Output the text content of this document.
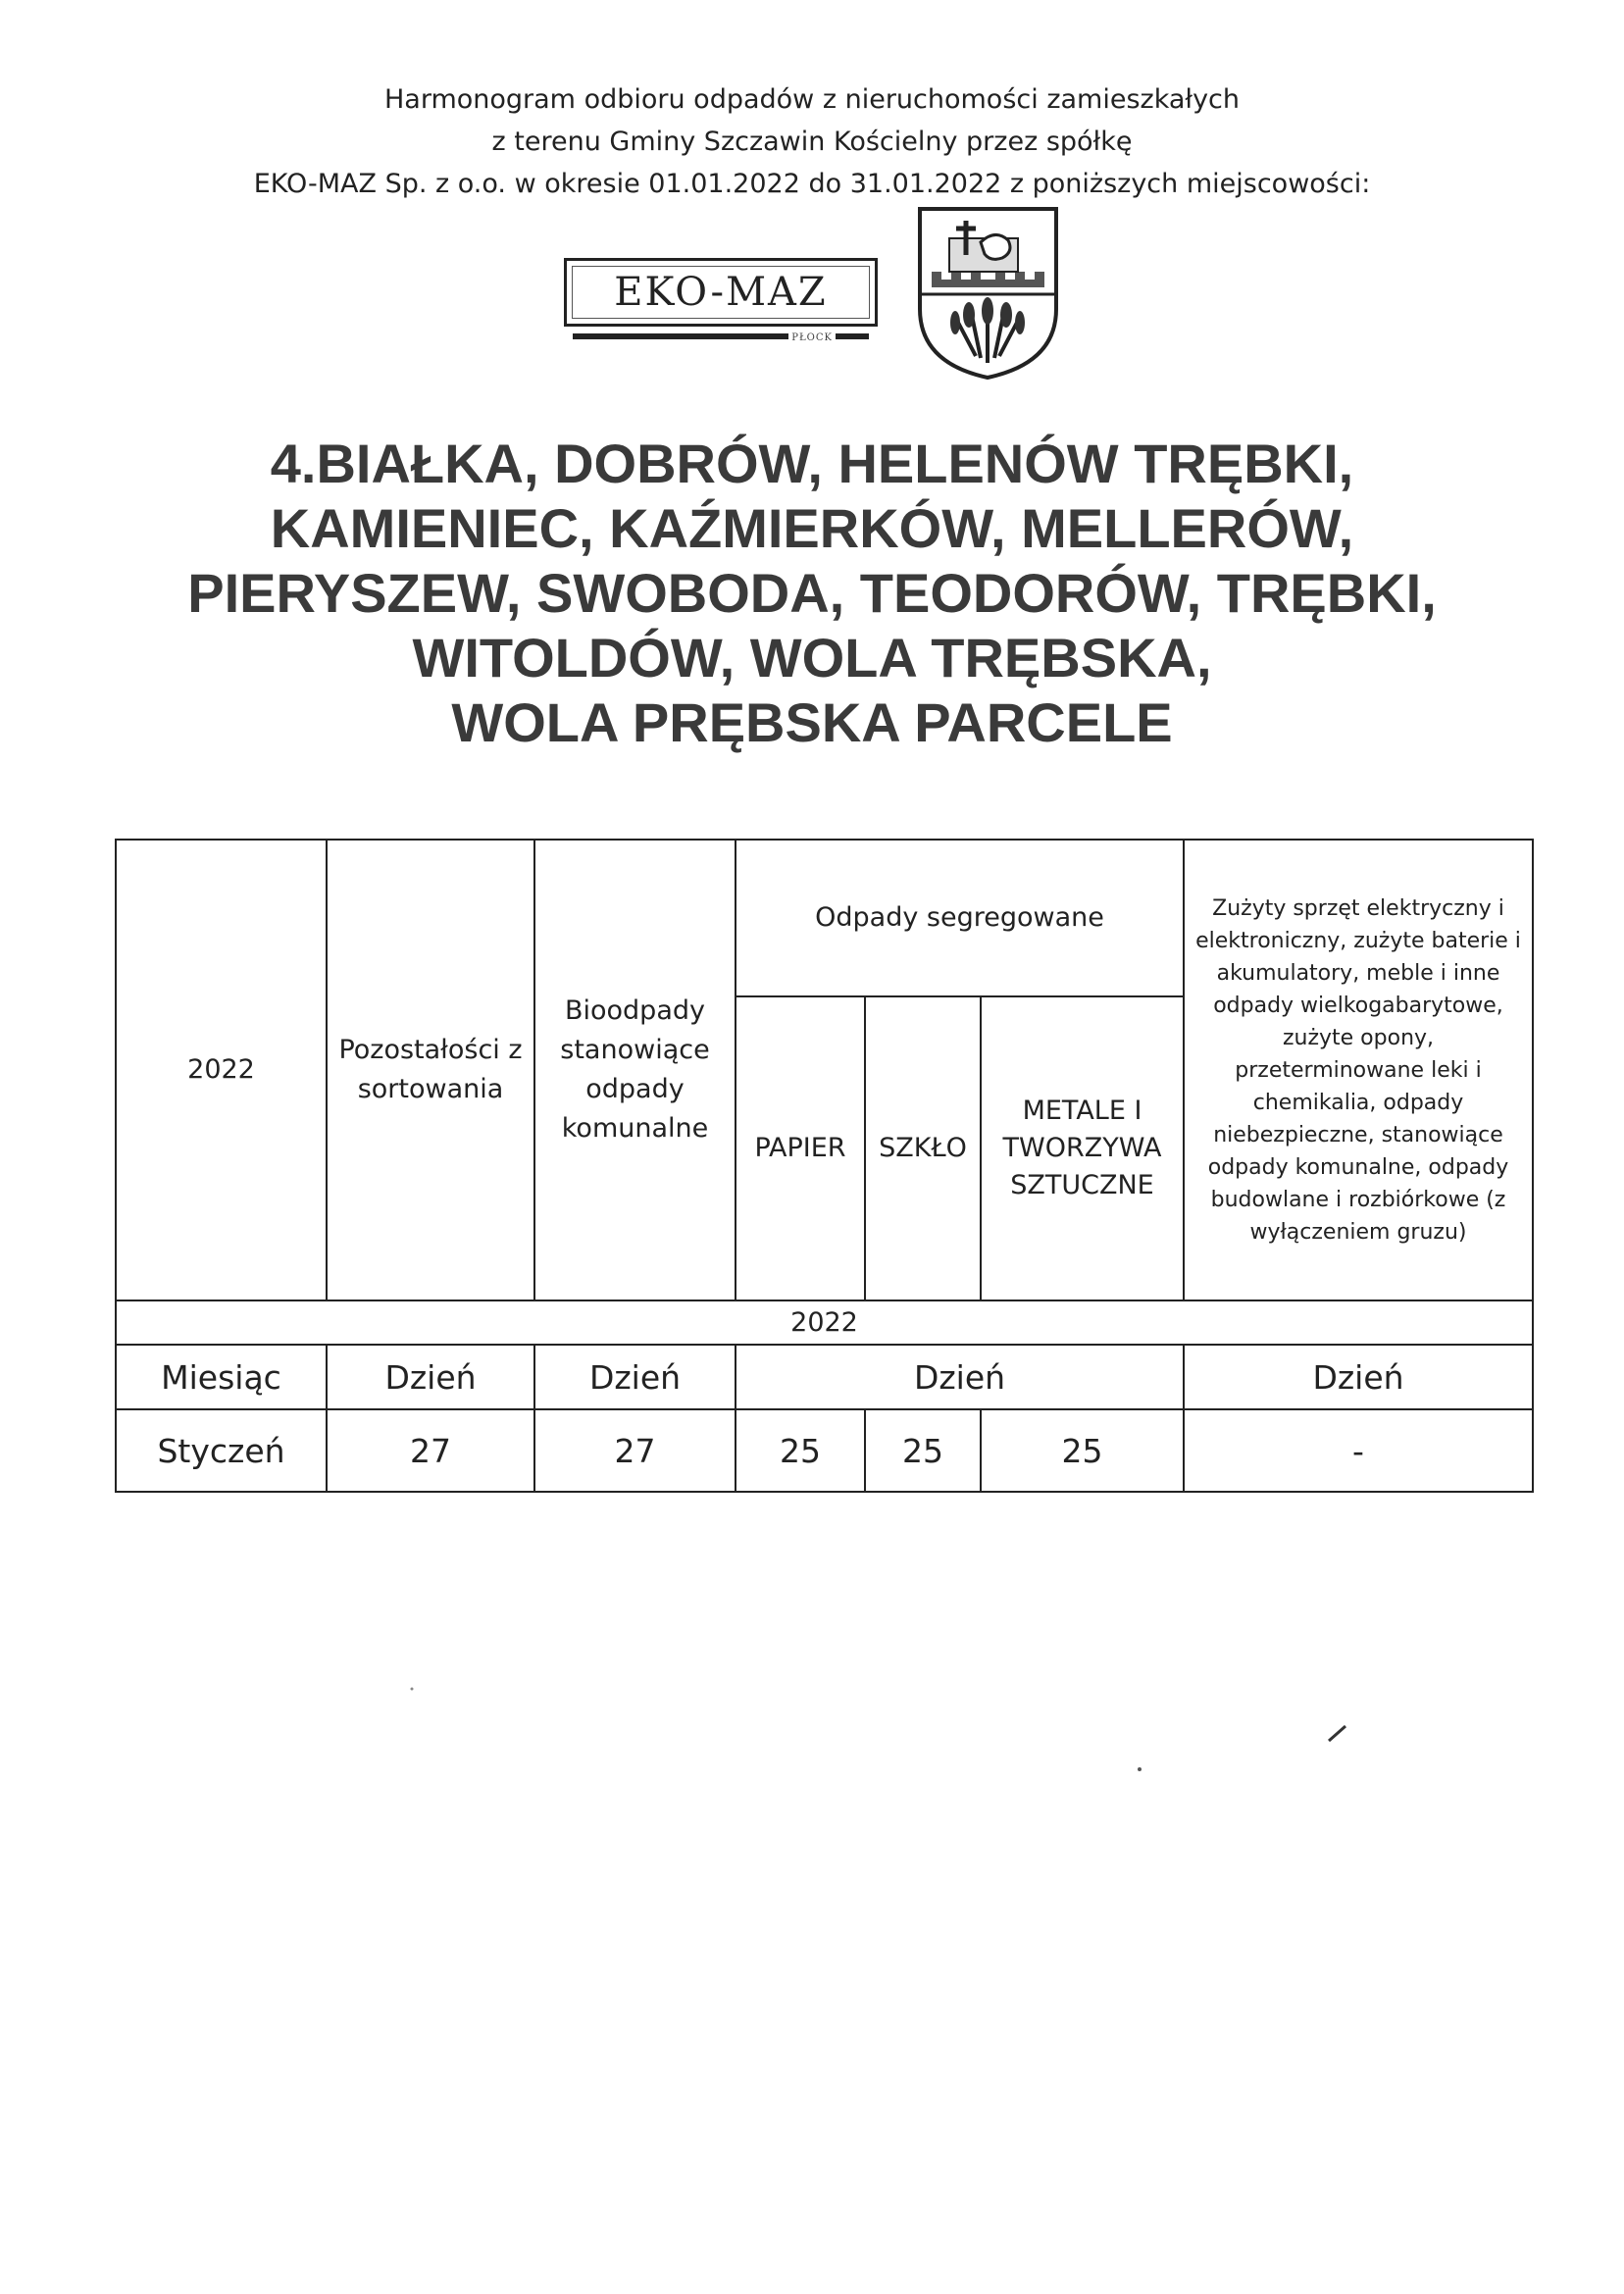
Harmonogram odbioru odpadów z nieruchomości zamieszkałych
z terenu Gminy Szczawin Kościelny przez spółkę
EKO-MAZ Sp. z o.o. w okresie 01.01.2022 do 31.01.2022 z poniższych miejscowości:
EKO-MAZ
PŁOCK
4.BIAŁKA, DOBRÓW, HELENÓW TRĘBKI,
KAMIENIEC, KAŹMIERKÓW, MELLERÓW,
PIERYSZEW, SWOBODA, TEODORÓW, TRĘBKI,
WITOLDÓW, WOLA TRĘBSKA,
WOLA PRĘBSKA PARCELE
2022	Pozostałości z sortowania	Bioodpady stanowiące odpady komunalne	Odpady segregowane			Zużyty sprzęt elektryczny i elektroniczny, zużyte baterie i akumulatory, meble i inne odpady wielkogabarytowe, zużyte opony, przeterminowane leki i chemikalia, odpady niebezpieczne, stanowiące odpady komunalne, odpady budowlane i rozbiórkowe (z wyłączeniem gruzu)
			PAPIER	SZKŁO	METALE I TWORZYWA SZTUCZNE	
2022						
Miesiąc	Dzień	Dzień	Dzień			Dzień
Styczeń	27	27	25	25	25	-
